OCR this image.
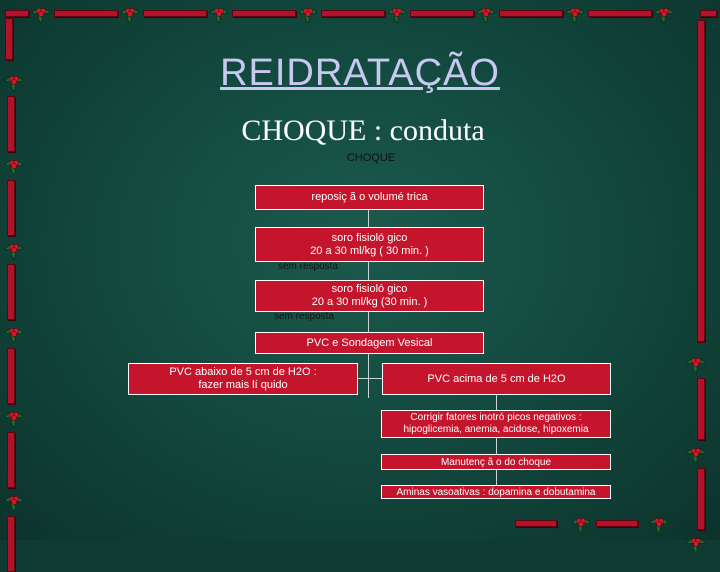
REIDRATAÇÃO
CHOQUE : conduta
CHOQUE
reposiç ã o volumé trica
soro fisioló gico
20 a 30 ml/kg ( 30 min. )
sem resposta
soro fisioló gico
20 a 30 ml/kg (30 min. )
sem resposta
PVC e Sondagem Vesical
PVC abaixo de 5 cm de H2O :
fazer mais lí quido
PVC acima de 5 cm de H2O
Corrigir fatores inotró picos negativos :
hipoglicemia, anemia, acidose, hipoxemia
Manutenç ã o do choque
Aminas vasoativas : dopamina e dobutamina
